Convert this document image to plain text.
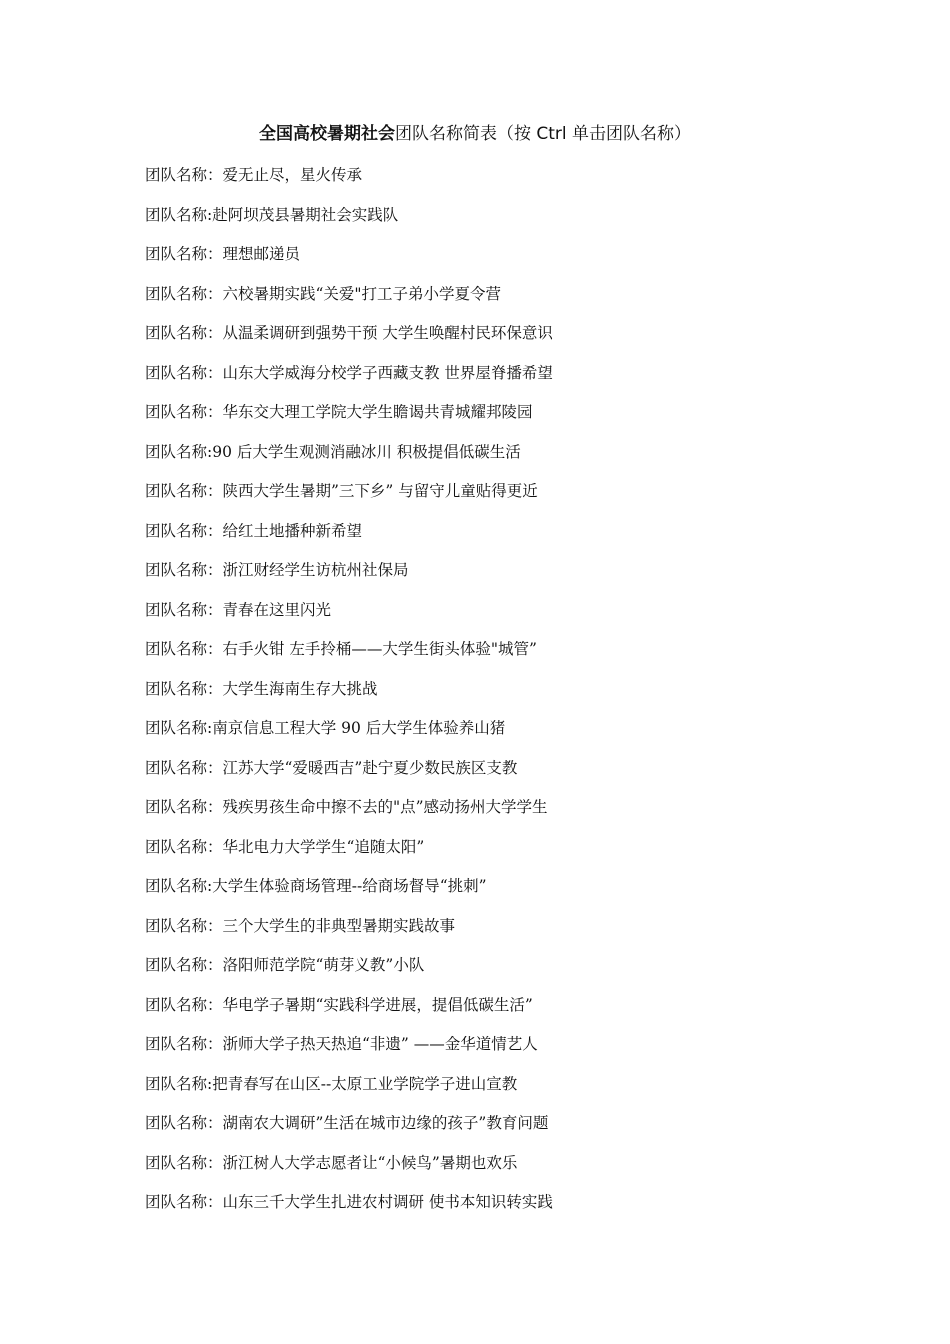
全国高校暑期社会团队名称简表（按 Ctrl 单击团队名称）
团队名称：爱无止尽，星火传承
团队名称:赴阿坝茂县暑期社会实践队
团队名称：理想邮递员
团队名称：六校暑期实践“关爱"打工子弟小学夏令营
团队名称：从温柔调研到强势干预 大学生唤醒村民环保意识
团队名称：山东大学威海分校学子西藏支教 世界屋脊播希望
团队名称：华东交大理工学院大学生瞻谒共青城耀邦陵园
团队名称:90 后大学生观测消融冰川 积极提倡低碳生活
团队名称：陕西大学生暑期”三下乡” 与留守儿童贴得更近
团队名称：给红土地播种新希望
团队名称：浙江财经学生访杭州社保局
团队名称：青春在这里闪光
团队名称：右手火钳 左手拎桶——大学生街头体验"城管”
团队名称：大学生海南生存大挑战
团队名称:南京信息工程大学 90 后大学生体验养山猪
团队名称：江苏大学“爱暖西吉”赴宁夏少数民族区支教
团队名称：残疾男孩生命中擦不去的"点”感动扬州大学学生
团队名称：华北电力大学学生“追随太阳”
团队名称:大学生体验商场管理--给商场督导“挑刺”
团队名称：三个大学生的非典型暑期实践故事
团队名称：洛阳师范学院“萌芽义教”小队
团队名称：华电学子暑期“实践科学进展，提倡低碳生活”
团队名称：浙师大学子热天热追“非遗” ——金华道情艺人
团队名称:把青春写在山区--太原工业学院学子进山宣教
团队名称：湖南农大调研”生活在城市边缘的孩子”教育问题
团队名称：浙江树人大学志愿者让“小候鸟”暑期也欢乐
团队名称：山东三千大学生扎进农村调研 使书本知识转实践
